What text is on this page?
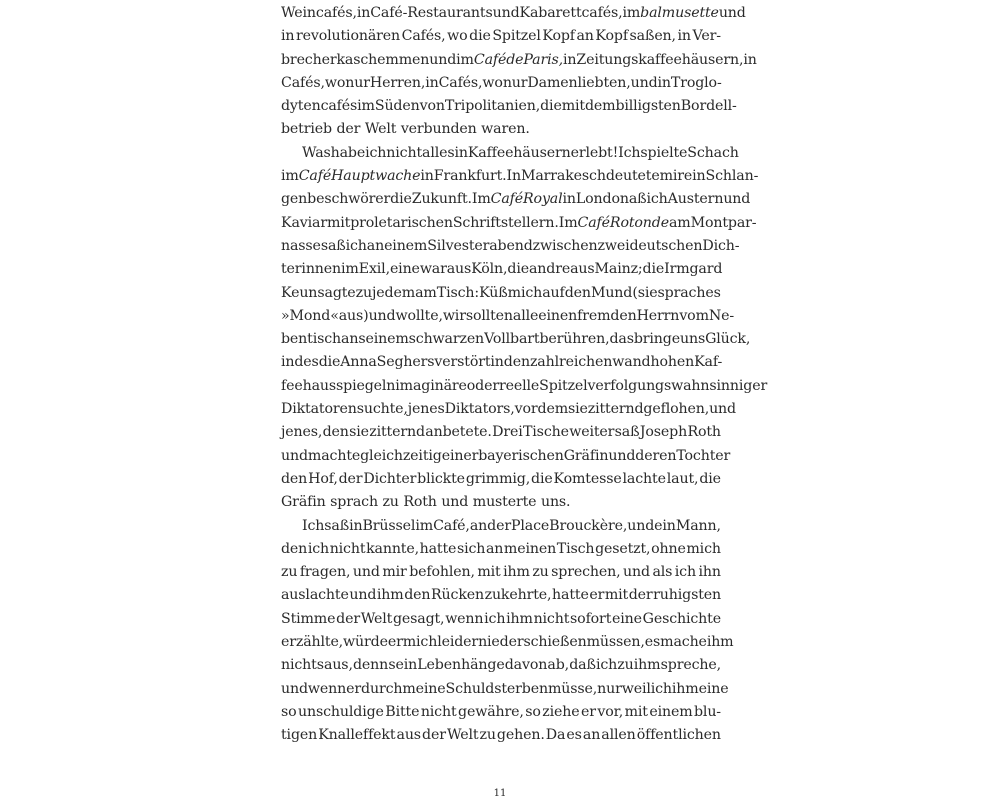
Weincafés, in Café-Restaurants und Kabarettcafés, im bal musette und
in revolutionären Cafés, wo die Spitzel Kopf an Kopf saßen, in Ver-
brecherkaschemmen und im Café de Paris, in Zeitungskaffeehäusern, in
Cafés, wo nur Herren, in Cafés, wo nur Damen liebten, und in Troglo-
dytencafés im Süden von Tripolitanien, die mit dem billigsten Bordell-
betrieb der Welt verbunden waren.
Was habe ich nicht alles in Kaffeehäusern erlebt! Ich spielte Schach
im Café Hauptwache in Frankfurt. In Marrakesch deutete mir ein Schlan-
genbeschwörer die Zukunft. Im Café Royal in London aß ich Austern und
Kaviar mit proletarischen Schriftstellern. Im Café Rotonde am Montpar-
nasse saß ich an einem Silvesterabend zwischen zwei deutschen Dich-
terinnen im Exil, eine war aus Köln, die andre aus Mainz; die Irmgard
Keun sagte zu jedem am Tisch: Küß mich auf den Mund (sie sprach es
»Mond« aus) und wollte, wir sollten alle einen fremden Herrn vom Ne-
bentisch an seinem schwarzen Vollbart berühren, das bringe uns Glück,
indes die Anna Seghers verstört in den zahlreichen wandhohen Kaf-
feehausspiegeln imaginäre oder reelle Spitzel verfolgungswahnsinniger
Diktatoren suchte, jenes Diktators, vor dem sie zitternd geflohen, und
jenes, den sie zitternd anbetete. Drei Tische weiter saß Joseph Roth
und machte gleichzeitig einer bayerischen Gräfin und deren Tochter
den Hof, der Dichter blickte grimmig, die Komtesse lachte laut, die
Gräfin sprach zu Roth und musterte uns.
Ich saß in Brüssel im Café, an der Place Brouckère, und ein Mann,
den ich nicht kannte, hatte sich an meinen Tisch gesetzt, ohne mich
zu fragen, und mir befohlen, mit ihm zu sprechen, und als ich ihn
auslachte und ihm den Rücken zukehrte, hatte er mit der ruhigsten
Stimme der Welt gesagt, wenn ich ihm nicht sofort eine Geschichte
erzählte, würde er mich leider niederschießen müssen, es mache ihm
nichts aus, denn sein Leben hänge davon ab, daß ich zu ihm spreche,
und wenn er durch meine Schuld sterben müsse, nur weil ich ihm eine
so unschuldige Bitte nicht gewähre, so ziehe er vor, mit einem blu-
tigen Knalleffekt aus der Welt zu gehen. Da es an allen öffentlichen
11
